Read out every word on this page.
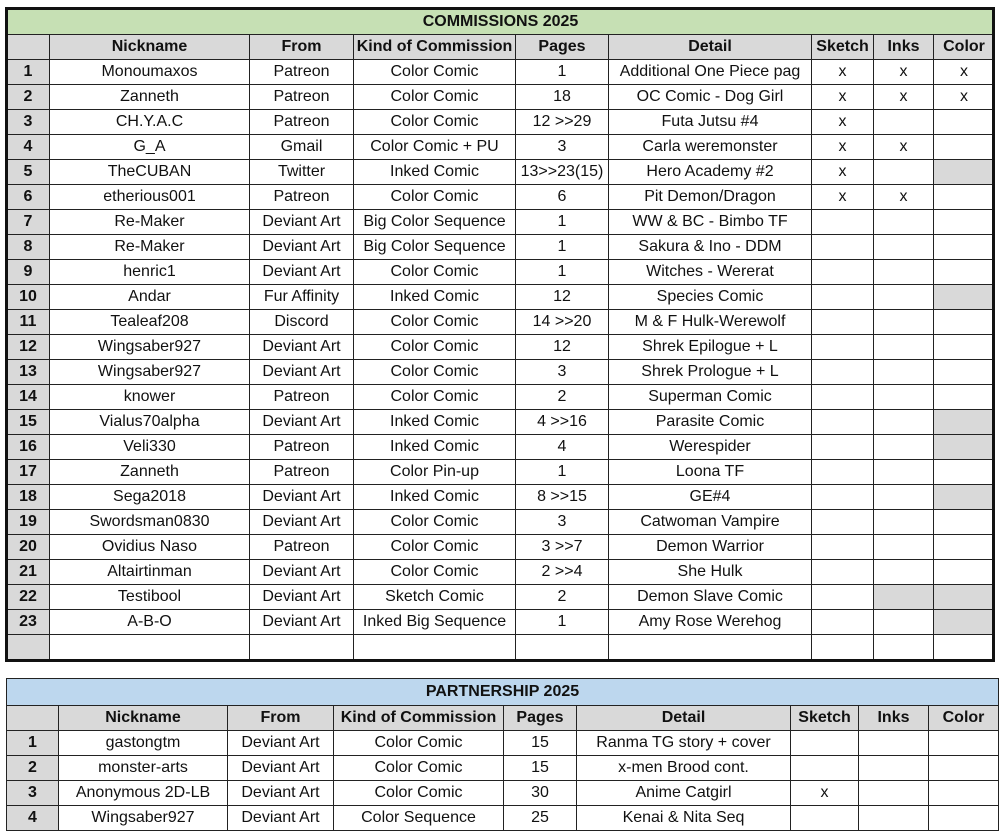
COMMISSIONS 2025								
	Nickname	From	Kind of Commission	Pages	Detail	Sketch	Inks	Color
1	Monoumaxos	Patreon	Color Comic	1	Additional One Piece pag	x	x	x
2	Zanneth	Patreon	Color Comic	18	OC Comic - Dog Girl	x	x	x
3	CH.Y.A.C	Patreon	Color Comic	12 >>29	Futa Jutsu #4	x		
4	G_A	Gmail	Color Comic + PU	3	Carla weremonster	x	x	
5	TheCUBAN	Twitter	Inked Comic	13>>23(15)	Hero Academy #2	x		
6	etherious001	Patreon	Color Comic	6	Pit Demon/Dragon	x	x	
7	Re-Maker	Deviant Art	Big Color Sequence	1	WW & BC - Bimbo TF			
8	Re-Maker	Deviant Art	Big Color Sequence	1	Sakura & Ino - DDM			
9	henric1	Deviant Art	Color Comic	1	Witches - Wererat			
10	Andar	Fur Affinity	Inked Comic	12	Species Comic			
11	Tealeaf208	Discord	Color Comic	14 >>20	M & F Hulk-Werewolf			
12	Wingsaber927	Deviant Art	Color Comic	12	Shrek Epilogue + L			
13	Wingsaber927	Deviant Art	Color Comic	3	Shrek Prologue + L			
14	knower	Patreon	Color Comic	2	Superman Comic			
15	Vialus70alpha	Deviant Art	Inked Comic	4 >>16	Parasite Comic			
16	Veli330	Patreon	Inked Comic	4	Werespider			
17	Zanneth	Patreon	Color Pin-up	1	Loona TF			
18	Sega2018	Deviant Art	Inked Comic	8 >>15	GE#4			
19	Swordsman0830	Deviant Art	Color Comic	3	Catwoman Vampire			
20	Ovidius Naso	Patreon	Color Comic	3 >>7	Demon Warrior			
21	Altairtinman	Deviant Art	Color Comic	2 >>4	She Hulk			
22	Testibool	Deviant Art	Sketch Comic	2	Demon Slave Comic			
23	A-B-O	Deviant Art	Inked Big Sequence	1	Amy Rose Werehog			

PARTNERSHIP 2025								
	Nickname	From	Kind of Commission	Pages	Detail	Sketch	Inks	Color
1	gastongtm	Deviant Art	Color Comic	15	Ranma TG story + cover			
2	monster-arts	Deviant Art	Color Comic	15	x-men Brood cont.			
3	Anonymous 2D-LB	Deviant Art	Color Comic	30	Anime Catgirl	x		
4	Wingsaber927	Deviant Art	Color Sequence	25	Kenai & Nita Seq			
